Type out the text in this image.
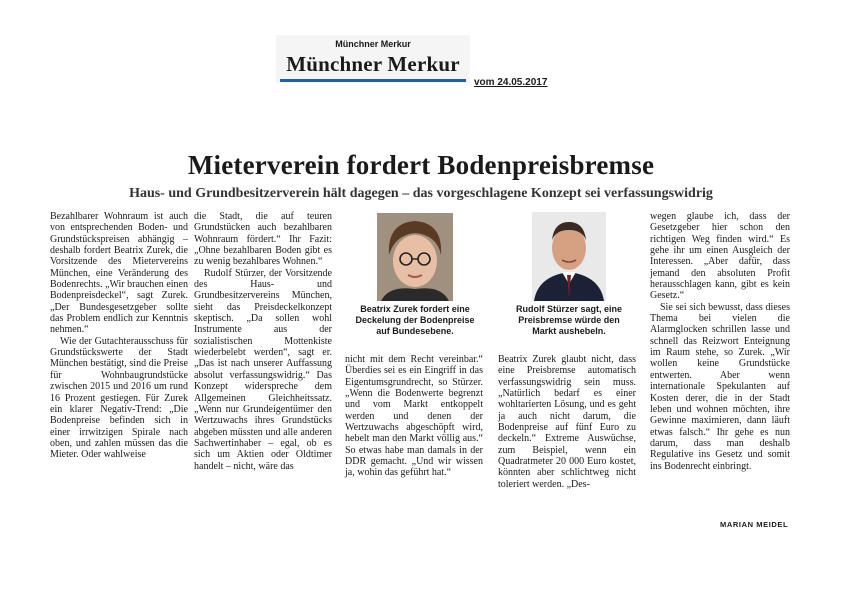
Münchner Merkur
Münchner Merkur
vom 24.05.2017
Mieterverein fordert Bodenpreisbremse
Haus- und Grundbesitzerverein hält dagegen – das vorgeschlagene Konzept sei verfassungswidrig

Bezahlbarer Wohnraum ist auch von entsprechenden Boden- und Grundstückspreisen abhängig – deshalb fordert Beatrix Zurek, die Vorsitzende des Mietervereins München, eine Veränderung des Bodenrechts. „Wir brauchen einen Bodenpreisdeckel“, sagt Zurek. „Der Bundesgesetzgeber sollte das Problem endlich zur Kenntnis nehmen.“

Wie der Gutachterausschuss für Grundstückswerte der Stadt München bestätigt, sind die Preise für Wohnbaugrundstücke zwischen 2015 und 2016 um rund 16 Prozent gestiegen. Für Zurek ein klarer Negativ-Trend: „Die Bodenpreise befinden sich in einer irrwitzigen Spirale nach oben, und zahlen müssen das die Mieter. Oder wahlweise

die Stadt, die auf teuren Grundstücken auch bezahlbaren Wohnraum fördert.“ Ihr Fazit: „Ohne bezahlbaren Boden gibt es zu wenig bezahlbares Wohnen.“

Rudolf Stürzer, der Vorsitzende des Haus- und Grundbesitzervereins München, sieht das Preisdeckelkonzept skeptisch. „Da sollen wohl Instrumente aus der sozialistischen Mottenkiste wiederbelebt werden“, sagt er. „Das ist nach unserer Auffassung absolut verfassungswidrig.“ Das Konzept widerspreche dem Allgemeinen Gleichheitssatz. „Wenn nur Grundeigentümer den Wertzuwachs ihres Grundstücks abgeben müssten und alle anderen Sachwertinhaber – egal, ob es sich um Aktien oder Oldtimer handelt – nicht, wäre das

Beatrix Zurek fordert eine Deckelung der Bodenpreise auf Bundesebene.

nicht mit dem Recht vereinbar.“ Überdies sei es ein Eingriff in das Eigentumsgrundrecht, so Stürzer. „Wenn die Bodenwerte begrenzt und vom Markt entkoppelt werden und denen der Wertzuwachs abgeschöpft wird, hebelt man den Markt völlig aus.“ So etwas habe man damals in der DDR gemacht. „Und wir wissen ja, wohin das geführt hat.“

Rudolf Stürzer sagt, eine Preisbremse würde den Markt aushebeln.

Beatrix Zurek glaubt nicht, dass eine Preisbremse automatisch verfassungswidrig sein muss. „Natürlich bedarf es einer wohltarierten Lösung, und es geht ja auch nicht darum, die Bodenpreise auf fünf Euro zu deckeln.“ Extreme Auswüchse, zum Beispiel, wenn ein Quadratmeter 20 000 Euro kostet, könnten aber schlichtweg nicht toleriert werden. „Des-

wegen glaube ich, dass der Gesetzgeber hier schon den richtigen Weg finden wird.“ Es gehe ihr um einen Ausgleich der Interessen. „Aber dafür, dass jemand den absoluten Profit herausschlagen kann, gibt es kein Gesetz.“

Sie sei sich bewusst, dass dieses Thema bei vielen die Alarmglocken schrillen lasse und schnell das Reizwort Enteignung im Raum stehe, so Zurek. „Wir wollen keine Grundstücke entwerten. Aber wenn internationale Spekulanten auf Kosten derer, die in der Stadt leben und wohnen möchten, ihre Gewinne maximieren, dann läuft etwas falsch.“ Ihr gehe es nun darum, dass man deshalb Regulative ins Gesetz und somit ins Bodenrecht einbringt.

MARIAN MEIDEL
